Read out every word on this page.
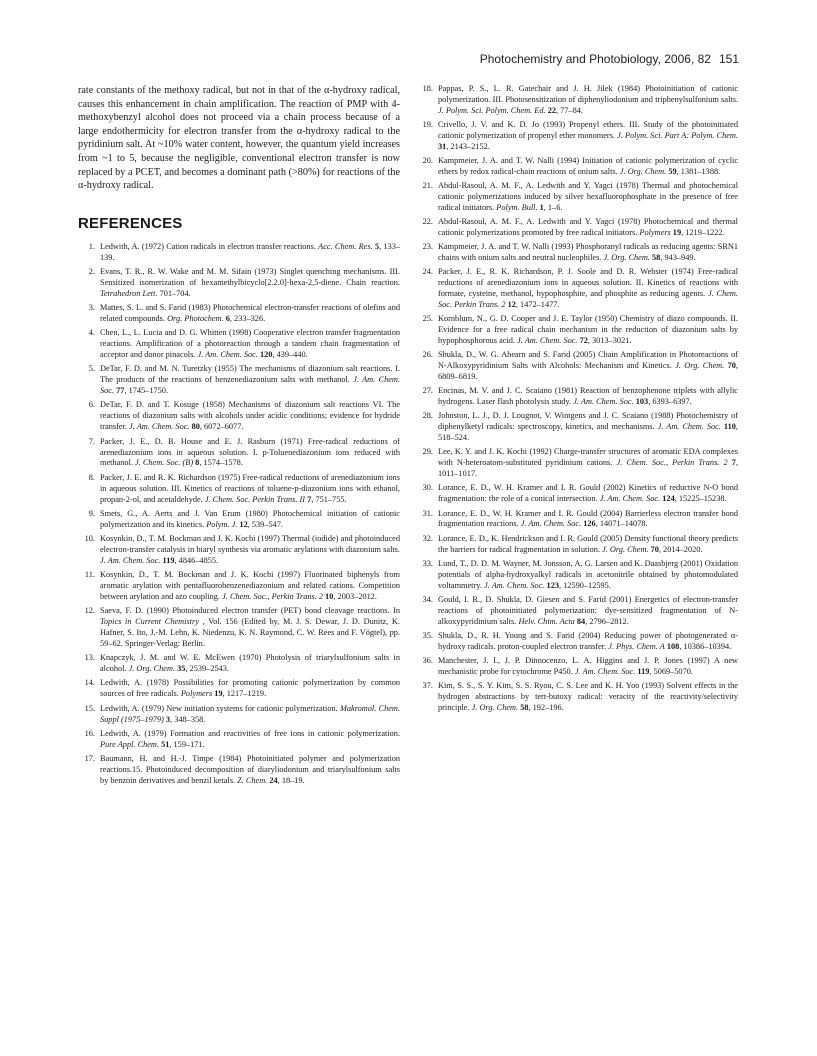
Photochemistry and Photobiology, 2006, 82 151

rate constants of the methoxy radical, but not in that of the α-hydroxy radical, causes this enhancement in chain amplification. The reaction of PMP with 4-methoxybenzyl alcohol does not proceed via a chain process because of a large endothermicity for electron transfer from the α-hydroxy radical to the pyridinium salt. At ~10% water content, however, the quantum yield increases from ~1 to 5, because the negligible, conventional electron transfer is now replaced by a PCET, and becomes a dominant path (>80%) for reactions of the α-hydroxy radical.

REFERENCES
1. Ledwith, A. (1972) Cation radicals in electron transfer reactions. Acc. Chem. Res. 5, 133–139.
2. Evans, T. R., R. W. Wake and M. M. Sifain (1973) Singlet quenching mechanisms. III. Sensitized isomerization of hexamethylbicyclo[2.2.0]-hexa-2,5-diene. Chain reaction. Tetrahedron Lett. 701–704.
3. Mattes, S. L. and S. Farid (1983) Photochemical electron-transfer reactions of olefins and related compounds. Org. Photochem. 6, 233–326.
4. Chen, L., L. Lucia and D. G. Whitten (1998) Cooperative electron transfer fragmentation reactions. Amplification of a photoreaction through a tandem chain fragmentation of acceptor and donor pinacols. J. Am. Chem. Soc. 120, 439–440.
5. DeTar, F. D. and M. N. Turetzky (1955) The mechanisms of diazonium salt reactions. I. The products of the reactions of benzenediazonium salts with methanol. J. Am. Chem. Soc. 77, 1745–1750.
6. DeTar, F. D. and T. Kosuge (1958) Mechanisms of diazonium salt reactions VI. The reactions of diazonium salts with alcohols under acidic conditions; evidence for hydride transfer. J. Am. Chem. Soc. 80, 6072–6077.
7. Packer, J. E., D. B. House and E. J. Rasburn (1971) Free-radical reductions of arenediazonium ions in aqueous solution. I. p-Toluenediazonium ions reduced with methanol. J. Chem. Soc. (B) 8, 1574–1578.
8. Packer, J. E. and R. K. Richardson (1975) Free-radical reductions of arenediazonium ions in aqueous solution. III. Kinetics of reactions of toluene-p-diazonium ions with ethanol, propan-2-ol, and acetaldehyde. J. Chem. Soc. Perkin Trans. II 7, 751–755.
9. Smets, G., A. Aerts and J. Van Erum (1980) Photochemical initiation of cationic polymerization and its kinetics. Polym. J. 12, 539–547.
10. Kosynkin, D., T. M. Bockman and J. K. Kochi (1997) Thermal (iodide) and photoinduced electron-transfer catalysis in biaryl synthesis via aromatic arylations with diazonium salts. J. Am. Chem. Soc. 119, 4846–4855.
11. Kosynkin, D., T. M. Bockman and J. K. Kochi (1997) Fluorinated biphenyls from aromatic arylation with pentafluorobenzenediazonium and related cations. Competition between arylation and azo coupling. J. Chem. Soc., Perkin Trans. 2 10, 2003–2012.
12. Saeva, F. D. (1990) Photoinduced electron transfer (PET) bond cleavage reactions. In Topics in Current Chemistry , Vol. 156 (Edited by, M. J. S. Dewar, J. D. Dunitz, K. Hafner, S. Ito, J.-M. Lehn, K. Niedenzu, K. N. Raymond, C. W. Rees and F. Vögtel), pp. 59–62. Springer-Verlag: Berlin.
13. Knapczyk, J. M. and W. E. McEwen (1970) Photolysis of triarylsulfonium salts in alcohol. J. Org. Chem. 35, 2539–2543.
14. Ledwith, A. (1978) Possibilities for promoting cationic polymerization by common sources of free radicals. Polymers 19, 1217–1219.
15. Ledwith, A. (1979) New initiation systems for cationic polymerization. Makromol. Chem. Suppl (1975–1979) 3, 348–358.
16. Ledwith, A. (1979) Formation and reactivities of free ions in cationic polymerization. Pure Appl. Chem. 51, 159–171.
17. Baumann, H. and H.-J. Timpe (1984) Photoinitiated polymer and polymerization reactions.15. Photoinduced decomposition of diaryliodonium and triarylsulfonium salts by benzoin derivatives and benzil ketals. Z. Chem. 24, 18–19.
18. Pappas, P. S., L. R. Gatechair and J. H. Jilek (1984) Photoinitiation of cationic polymerization. III. Photosensitization of diphenyliodonium and triphenylsulfonium salts. J. Polym. Sci. Polym. Chem. Ed. 22, 77–84.
19. Crivello, J. V. and K. D. Jo (1993) Propenyl ethers. III. Study of the photoinitiated cationic polymerization of propenyl ether monomers. J. Polym. Sci. Part A: Polym. Chem. 31, 2143–2152.
20. Kampmeier, J. A. and T. W. Nalli (1994) Initiation of cationic polymerization of cyclic ethers by redox radical-chain reactions of onium salts. J. Org. Chem. 59, 1381–1388.
21. Abdul-Rasoul, A. M. F., A. Ledwith and Y. Yagci (1978) Thermal and photochemical cationic polymerizations induced by silver hexafluorophosphate in the presence of free radical initiators. Polym. Bull. 1, 1–6.
22. Abdul-Rasoul, A. M. F., A. Ledwith and Y. Yagci (1978) Photochemical and thermal cationic polymerizations promoted by free radical initiators. Polymers 19, 1219–1222.
23. Kampmeier, J. A. and T. W. Nalli (1993) Phosphoranyl radicals as reducing agents: SRN1 chains with onium salts and neutral nucleophiles. J. Org. Chem. 58, 943–949.
24. Packer, J. E., R. K. Richardson, P. J. Soole and D. R. Webster (1974) Free-radical reductions of arenediazonium ions in aqueous solution. II. Kinetics of reactions with formate, cysteine, methanol, hypophosphite, and phosphite as reducing agents. J. Chem. Soc. Perkin Trans. 2 12, 1472–1477.
25. Kornblum, N., G. D. Cooper and J. E. Taylor (1950) Chemistry of diazo compounds. II. Evidence for a free radical chain mechanism in the reduction of diazonium salts by hypophosphorous acid. J. Am. Chem. Soc. 72, 3013–3021.
26. Shukla, D., W. G. Ahearn and S. Farid (2005) Chain Amplification in Photoreactions of N-Alkoxypyridinium Salts with Alcohols: Mechanism and Kinetics. J. Org. Chem. 70, 6809–6819.
27. Encinas, M. V. and J. C. Scaiano (1981) Reaction of benzophenone triplets with allylic hydrogens. Laser flash photolysis study. J. Am. Chem. Soc. 103, 6393–6397.
28. Johnston, L. J., D. J. Lougnot, V. Wintgens and J. C. Scaiano (1988) Photochemistry of diphenylketyl radicals: spectroscopy, kinetics, and mechanisms. J. Am. Chem. Soc. 110, 518–524.
29. Lee, K. Y. and J. K. Kochi (1992) Charge-transfer structures of aromatic EDA complexes with N-heteroatom-substituted pyridinium cations. J. Chem. Soc., Perkin Trans. 2 7, 1011–1017.
30. Lorance, E. D., W. H. Kramer and I. R. Gould (2002) Kinetics of reductive N-O bond fragmentation: the role of a conical intersection. J. Am. Chem. Soc. 124, 15225–15238.
31. Lorance, E. D., W. H. Kramer and I. R. Gould (2004) Barrierless electron transfer bond fragmentation reactions. J. Am. Chem. Soc. 126, 14071–14078.
32. Lorance, E. D., K. Hendrickson and I. R. Gould (2005) Density functional theory predicts the barriers for radical fragmentation in solution. J. Org. Chem. 70, 2014–2020.
33. Lund, T., D. D. M. Wayner, M. Jonsson, A. G. Larsen and K. Daasbjerg (2001) Oxidation potentials of alpha-hydroxyalkyl radicals in acetonitrile obtained by photomodulated voltammetry. J. Am. Chem. Soc. 123, 12590–12595.
34. Gould, I. R., D. Shukla, D. Giesen and S. Farid (2001) Energetics of electron-transfer reactions of photoinitiated polymerization: dye-sensitized fragmentation of N-alkoxypyridinium salts. Helv. Chim. Acta 84, 2796–2812.
35. Shukla, D., R. H. Young and S. Farid (2004) Reducing power of photogenerated α-hydroxy radicals. proton-coupled electron transfer. J. Phys. Chem. A 108, 10386–10394.
36. Manchester, J. I., J. P. Dinnocenzo, L. A. Higgins and J. P. Jones (1997) A new mechanistic probe for cytochrome P450. J. Am. Chem. Soc. 119, 5069–5070.
37. Kim, S. S., S. Y. Kim, S. S. Ryou, C. S. Lee and K. H. Yoo (1993) Solvent effects in the hydrogen abstractions by tert-butoxy radical: veracity of the reactivity/selectivity principle. J. Org. Chem. 58, 192–196.
